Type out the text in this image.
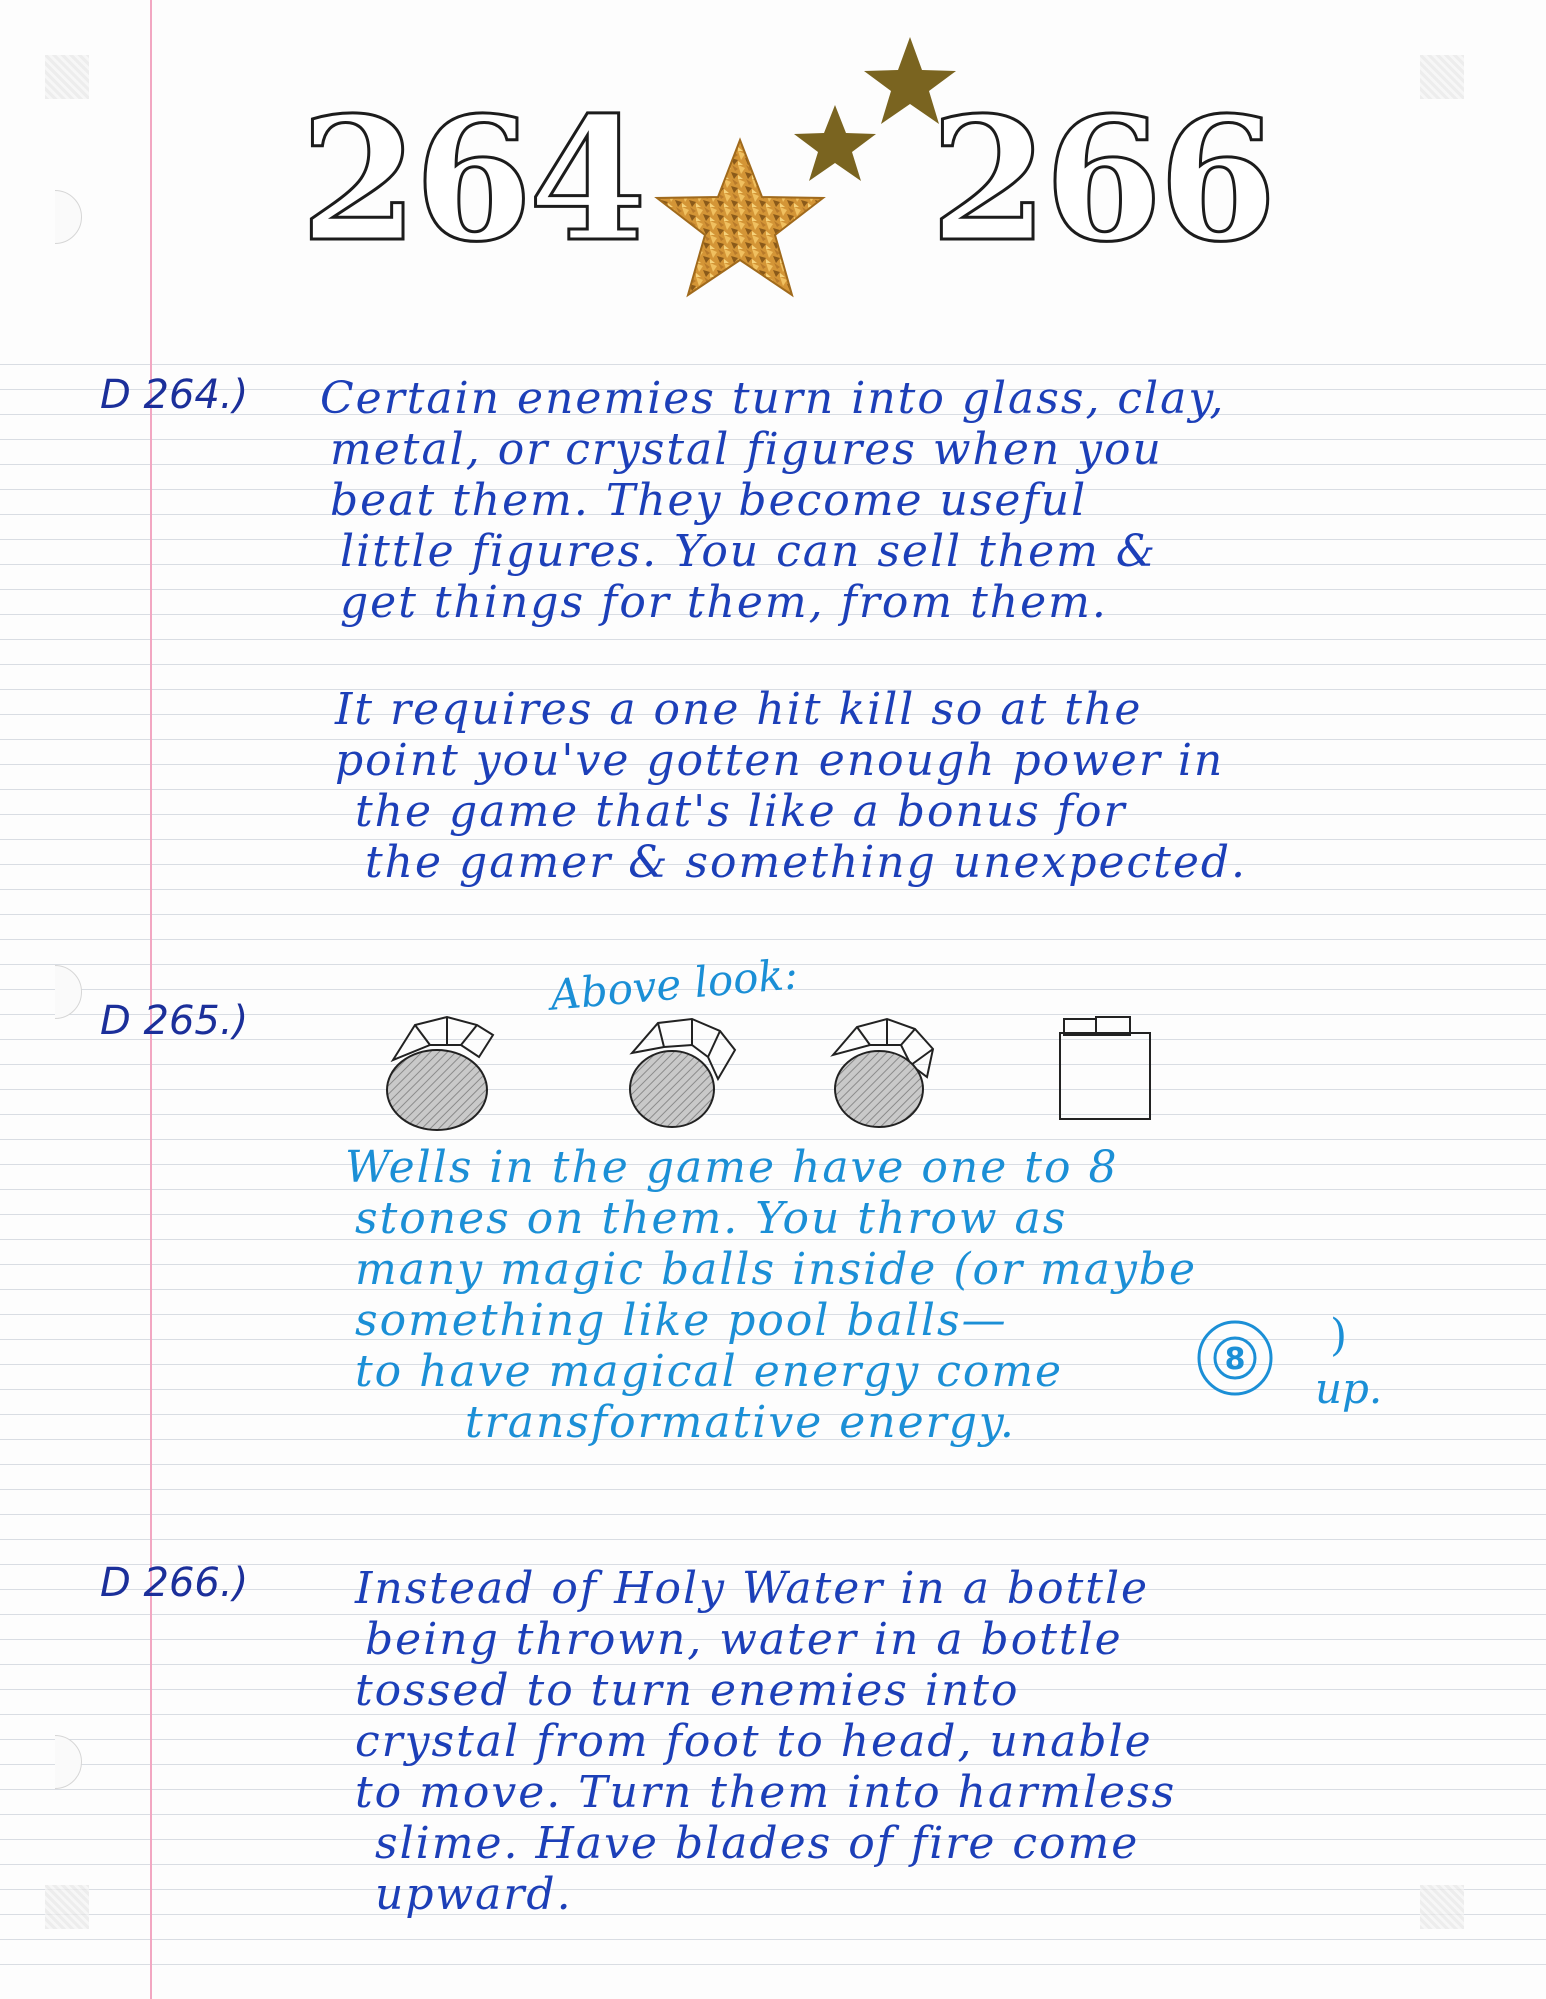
264 266
D 264.) Certain enemies turn into glass, clay,
metal, or crystal figures when you
beat them. They become useful
little figures. You can sell them &
get things for them, from them.
It requires a one hit kill so at the
point you've gotten enough power in
the game that's like a bonus for
the gamer & something unexpected.
D 265.)
Above look:
Wells in the game have one to 8
stones on them. You throw as
many magic balls inside (or maybe
something like pool balls—
to have magical energy come
transformative energy.
8 )
up.
D 266.) Instead of Holy Water in a bottle
being thrown, water in a bottle
tossed to turn enemies into
crystal from foot to head, unable
to move. Turn them into harmless
slime. Have blades of fire come
upward.
